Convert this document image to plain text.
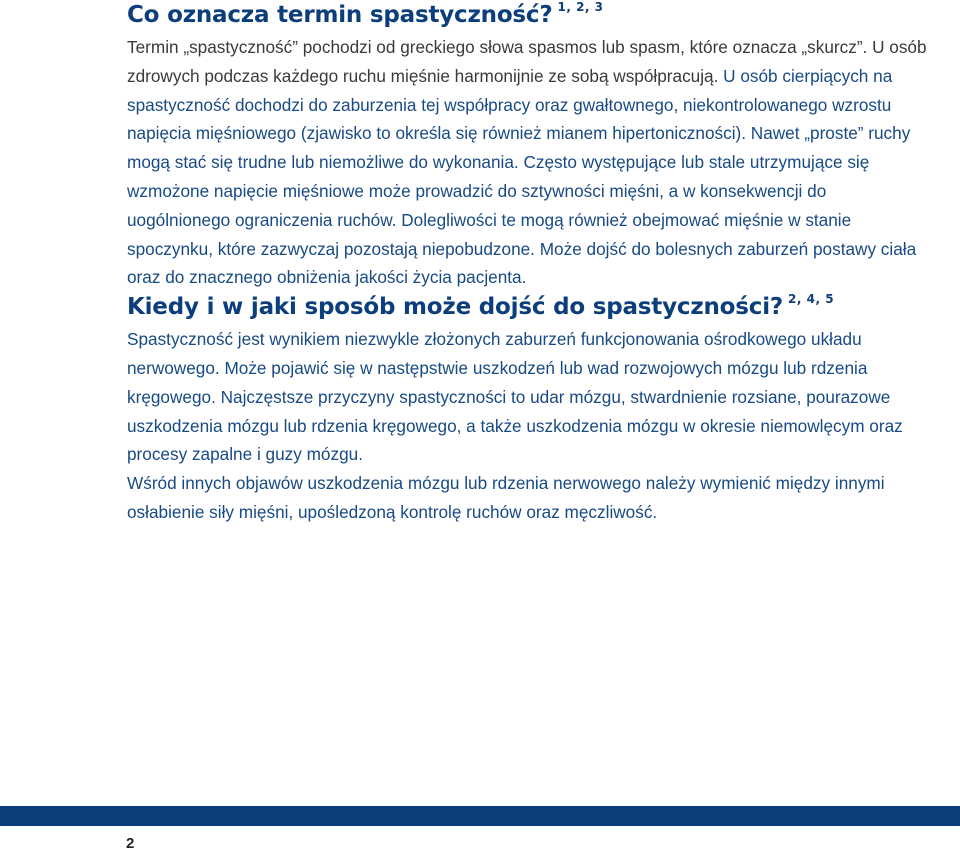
Co oznacza termin spastyczność? $^{1, 2, 3}$

Termin „spastyczność” pochodzi od greckiego słowa spasmos lub spasm, które oznacza „skurcz”. U osób zdrowych podczas każdego ruchu mięśnie harmonijnie ze sobą współpracują. U osób cierpiących na spastyczność dochodzi do zaburzenia tej współpracy oraz gwałtownego, niekontrolowanego wzrostu napięcia mięśniowego (zjawisko to określa się również mianem hipertoniczności). Nawet „proste” ruchy mogą stać się trudne lub niemożliwe do wykonania. Często występujące lub stale utrzymujące się wzmożone napięcie mięśniowe może prowadzić do sztywności mięśni, a w konsekwencji do uogólnionego ograniczenia ruchów. Dolegliwości te mogą również obejmować mięśnie w stanie spoczynku, które zazwyczaj pozostają niepobudzone. Może dojść do bolesnych zaburzeń postawy ciała oraz do znacznego obniżenia jakości życia pacjenta.

Kiedy i w jaki sposób może dojść do spastyczności? $^{2, 4, 5}$

Spastyczność jest wynikiem niezwykle złożonych zaburzeń funkcjonowania ośrodkowego układu nerwowego. Może pojawić się w następstwie uszkodzeń lub wad rozwojowych mózgu lub rdzenia kręgowego. Najczęstsze przyczyny spastyczności to udar mózgu, stwardnienie rozsiane, pourazowe uszkodzenia mózgu lub rdzenia kręgowego, a także uszkodzenia mózgu w okresie niemowlęcym oraz procesy zapalne i guzy mózgu.

Wśród innych objawów uszkodzenia mózgu lub rdzenia nerwowego należy wymienić między innymi osłabienie siły mięśni, upośledzoną kontrolę ruchów oraz męczliwość.

2
